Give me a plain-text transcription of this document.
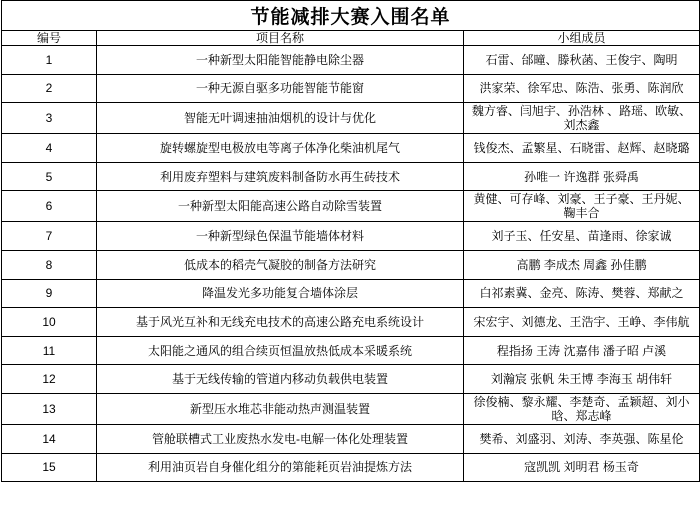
节能减排大赛入围名单		
编号	项目名称	小组成员
1	一种新型太阳能智能静电除尘器	石雷、邰曈、滕秋菡、王俊宇、陶明
2	一种无源自驱多功能智能节能窗	洪家荣、徐军忠、陈浩、张勇、陈润欣
3	智能无叶调速抽油烟机的设计与优化	魏方睿、闫旭宇、孙浩林 、路瑶、欧敏、刘杰鑫
4	旋转螺旋型电极放电等离子体净化柴油机尾气	钱俊杰、孟繁星、石晓雷、赵辉、赵晓璐
5	利用废弃塑料与建筑废料制备防水再生砖技术	孙唯一 许逸群 张舜禹
6	一种新型太阳能高速公路自动除雪装置	黄健、可存峰、刘豪、王子豪、王丹妮、鞠丰合
7	一种新型绿色保温节能墙体材料	刘子玉、任安星、苗逢雨、徐家诚
8	低成本的稻壳气凝胶的制备方法研究	高鹏 李成杰 周鑫 孙佳鹏
9	降温发光多功能复合墙体涂层	白祁素冀、金亮、陈涛、樊蓉、郑献之
10	基于风光互补和无线充电技术的高速公路充电系统设计	宋宏宇、刘德龙、王浩宇、王峥、李伟航
11	太阳能之通风的组合续页恒温放热低成本采暖系统	程指扬 王涛 沈嘉伟 潘子昭 卢溪
12	基于无线传输的管道内移动负载供电装置	刘瀚宸 张帆 朱王博 李海玉 胡伟轩
13	新型压水堆芯非能动热声测温装置	徐俊楠、黎永耀、李楚奇、孟颖超、刘小晗、郑志峰
14	管舱联槽式工业废热水发电-电解一体化处理装置	樊希、刘盛羽、刘涛、李英强、陈星伦
15	利用油页岩自身催化组分的第能耗页岩油提炼方法	寇凯凯 刘明君 杨玉奇
